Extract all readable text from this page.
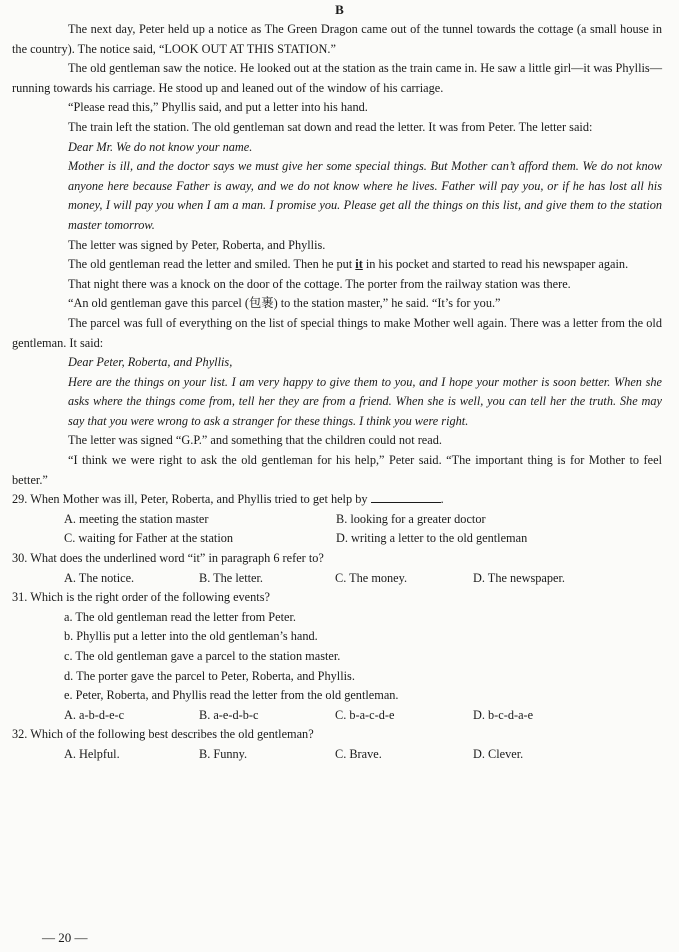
B

The next day, Peter held up a notice as The Green Dragon came out of the tunnel towards the cottage (a small house in the country). The notice said, “LOOK OUT AT THIS STATION.”

The old gentleman saw the notice. He looked out at the station as the train came in. He saw a little girl—it was Phyllis—running towards his carriage. He stood up and leaned out of the window of his carriage.

“Please read this,” Phyllis said, and put a letter into his hand.

The train left the station. The old gentleman sat down and read the letter. It was from Peter. The letter said:

Dear Mr. We do not know your name.

Mother is ill, and the doctor says we must give her some special things. But Mother can’t afford them. We do not know anyone here because Father is away, and we do not know where he lives. Father will pay you, or if he has lost all his money, I will pay you when I am a man. I promise you. Please get all the things on this list, and give them to the station master tomorrow.

The letter was signed by Peter, Roberta, and Phyllis.

The old gentleman read the letter and smiled. Then he put it in his pocket and started to read his newspaper again.

That night there was a knock on the door of the cottage. The porter from the railway station was there.

“An old gentleman gave this parcel (包裹) to the station master,” he said. “It’s for you.”

The parcel was full of everything on the list of special things to make Mother well again. There was a letter from the old gentleman. It said:

Dear Peter, Roberta, and Phyllis,

Here are the things on your list. I am very happy to give them to you, and I hope your mother is soon better. When she asks where the things come from, tell her they are from a friend. When she is well, you can tell her the truth. She may say that you were wrong to ask a stranger for these things. I think you were right.

The letter was signed “G.P.” and something that the children could not read.

“I think we were right to ask the old gentleman for his help,” Peter said. “The important thing is for Mother to feel better.”

29. When Mother was ill, Peter, Roberta, and Phyllis tried to get help by	.
A. meeting the station master	B. looking for a greater doctor
C. waiting for Father at the station	D. writing a letter to the old gentleman
30. What does the underlined word “it” in paragraph 6 refer to?
A. The notice.	B. The letter.	C. The money.	D. The newspaper.
31. Which is the right order of the following events?
a. The old gentleman read the letter from Peter.
b. Phyllis put a letter into the old gentleman’s hand.
c. The old gentleman gave a parcel to the station master.
d. The porter gave the parcel to Peter, Roberta, and Phyllis.
e. Peter, Roberta, and Phyllis read the letter from the old gentleman.
A. a-b-d-e-c	B. a-e-d-b-c	C. b-a-c-d-e	D. b-c-d-a-e
32. Which of the following best describes the old gentleman?
A. Helpful.	B. Funny.	C. Brave.	D. Clever.
— 20 —
